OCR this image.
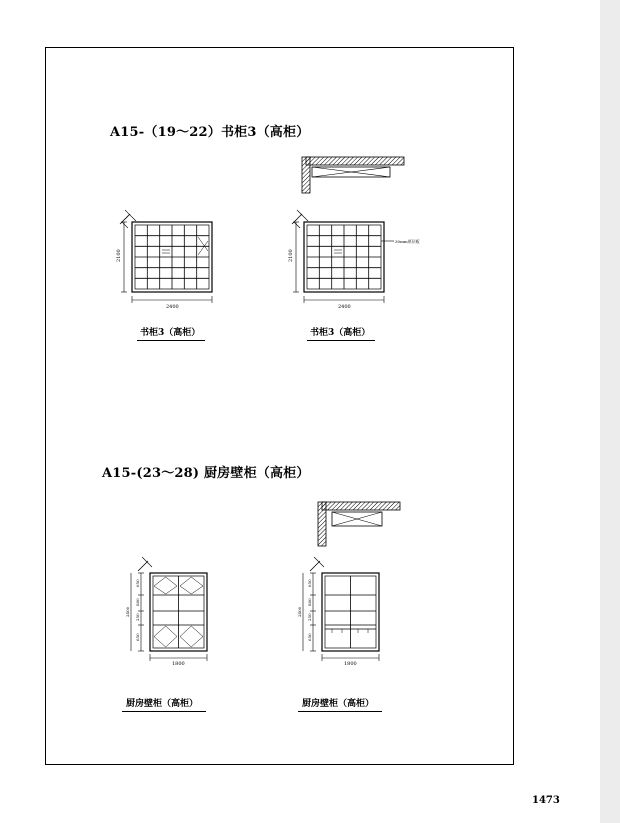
A15-（19～22）书柜3（高柜）
2400
2100
30mm厚层板
2400
2100
书柜3（高柜）	书柜3（高柜）
A15-(23～28) 厨房壁柜（高柜）
650
880
250
650
2400
1800
650
880
250
650
2400
1800
厨房壁柜（高柜）	厨房壁柜（高柜）
1473
